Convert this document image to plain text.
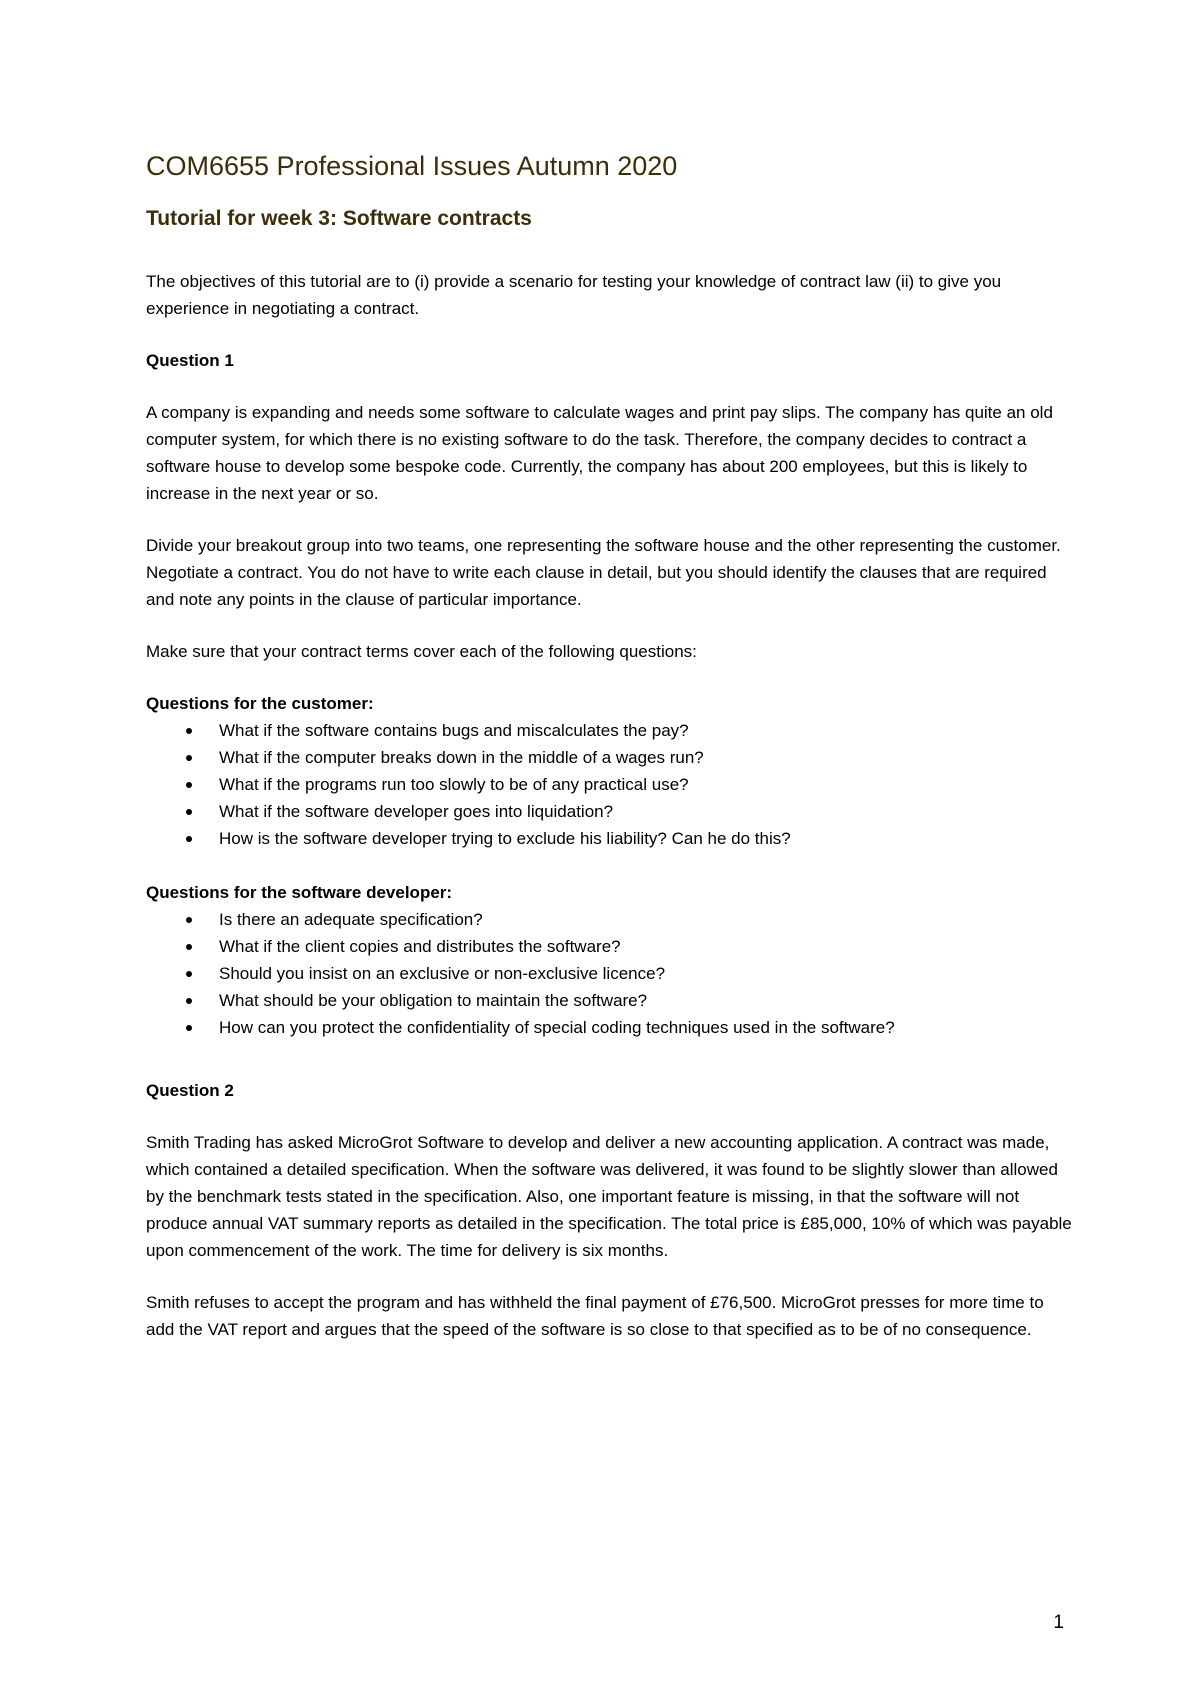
COM6655 Professional Issues Autumn 2020
Tutorial for week 3: Software contracts

The objectives of this tutorial are to (i) provide a scenario for testing your knowledge of contract law (ii) to give you experience in negotiating a contract.

Question 1

A company is expanding and needs some software to calculate wages and print pay slips. The company has quite an old computer system, for which there is no existing software to do the task. Therefore, the company decides to contract a software house to develop some bespoke code. Currently, the company has about 200 employees, but this is likely to increase in the next year or so.

Divide your breakout group into two teams, one representing the software house and the other representing the customer. Negotiate a contract. You do not have to write each clause in detail, but you should identify the clauses that are required and note any points in the clause of particular importance.

Make sure that your contract terms cover each of the following questions:

Questions for the customer:

What if the software contains bugs and miscalculates the pay?
What if the computer breaks down in the middle of a wages run?
What if the programs run too slowly to be of any practical use?
What if the software developer goes into liquidation?
How is the software developer trying to exclude his liability? Can he do this?

Questions for the software developer:

Is there an adequate specification?
What if the client copies and distributes the software?
Should you insist on an exclusive or non-exclusive licence?
What should be your obligation to maintain the software?
How can you protect the confidentiality of special coding techniques used in the software?

Question 2

Smith Trading has asked MicroGrot Software to develop and deliver a new accounting application. A contract was made, which contained a detailed specification. When the software was delivered, it was found to be slightly slower than allowed by the benchmark tests stated in the specification. Also, one important feature is missing, in that the software will not produce annual VAT summary reports as detailed in the specification. The total price is £85,000, 10% of which was payable upon commencement of the work. The time for delivery is six months.

Smith refuses to accept the program and has withheld the final payment of £76,500. MicroGrot presses for more time to add the VAT report and argues that the speed of the software is so close to that specified as to be of no consequence.

1
